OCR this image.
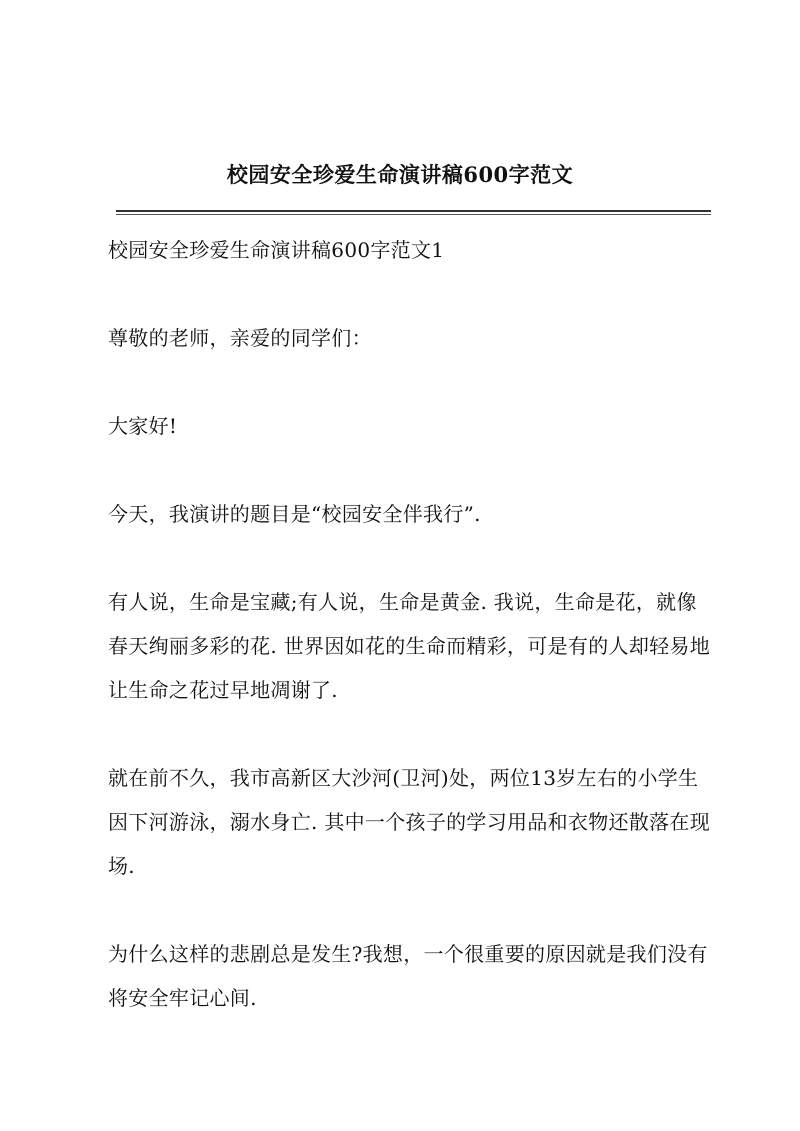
校园安全珍爱生命演讲稿600字范文

校园安全珍爱生命演讲稿600字范文1

尊敬的老师，亲爱的同学们：

大家好!

今天，我演讲的题目是“校园安全伴我行”.

有人说，生命是宝藏;有人说，生命是黄金. 我说，生命是花，就像春天绚丽多彩的花. 世界因如花的生命而精彩，可是有的人却轻易地让生命之花过早地凋谢了.

就在前不久，我市高新区大沙河(卫河)处，两位13岁左右的小学生因下河游泳，溺水身亡. 其中一个孩子的学习用品和衣物还散落在现场.

为什么这样的悲剧总是发生?我想，一个很重要的原因就是我们没有将安全牢记心间.
